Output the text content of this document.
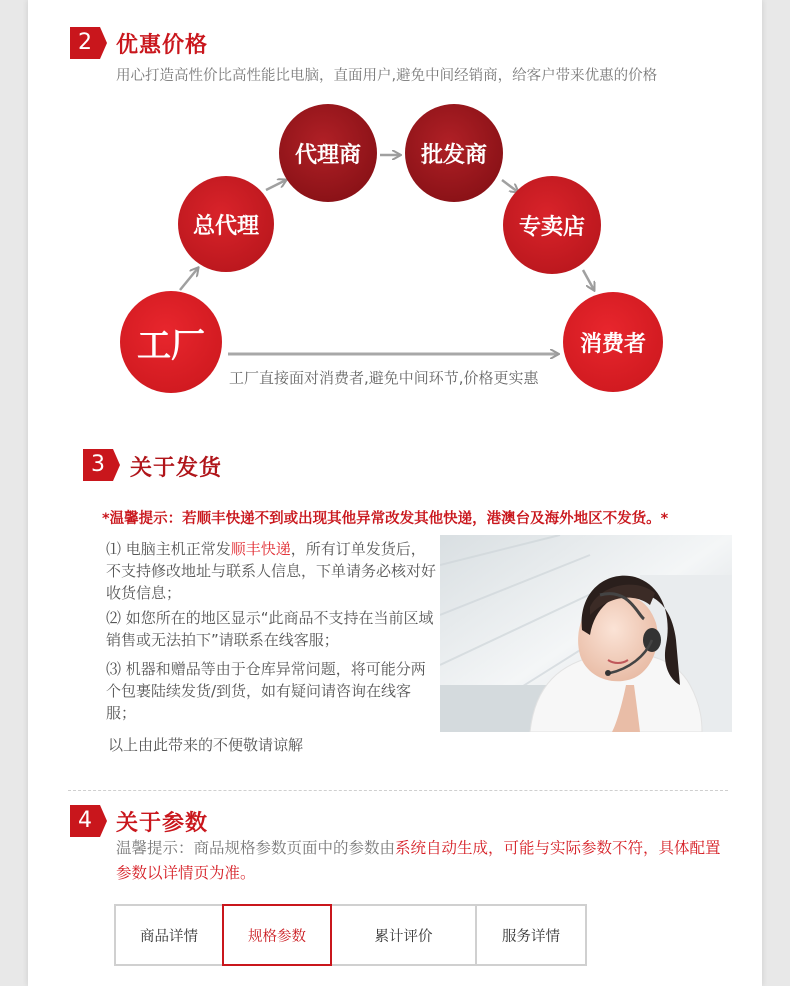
2	优惠价格
用心打造高性价比高性能比电脑，直面用户,避免中间经销商，给客户带来优惠的价格
工厂
总代理
代理商	批发商
专卖店
消费者
工厂直接面对消费者,避免中间环节,价格更实惠
3	关于发货
*温馨提示：若顺丰快递不到或出现其他异常改发其他快递，港澳台及海外地区不发货。*
⑴ 电脑主机正常发顺丰快递，所有订单发货后，不支持修改地址与联系人信息，下单请务必核对好收货信息；
⑵ 如您所在的地区显示“此商品不支持在当前区域销售或无法拍下”请联系在线客服；
⑶ 机器和赠品等由于仓库异常问题，将可能分两个包裹陆续发货/到货，如有疑问请咨询在线客服；
以上由此带来的不便敬请谅解
4	关于参数
温馨提示：商品规格参数页面中的参数由系统自动生成，可能与实际参数不符，具体配置参数以详情页为准。
商品详情	规格参数	累计评价	服务详情
